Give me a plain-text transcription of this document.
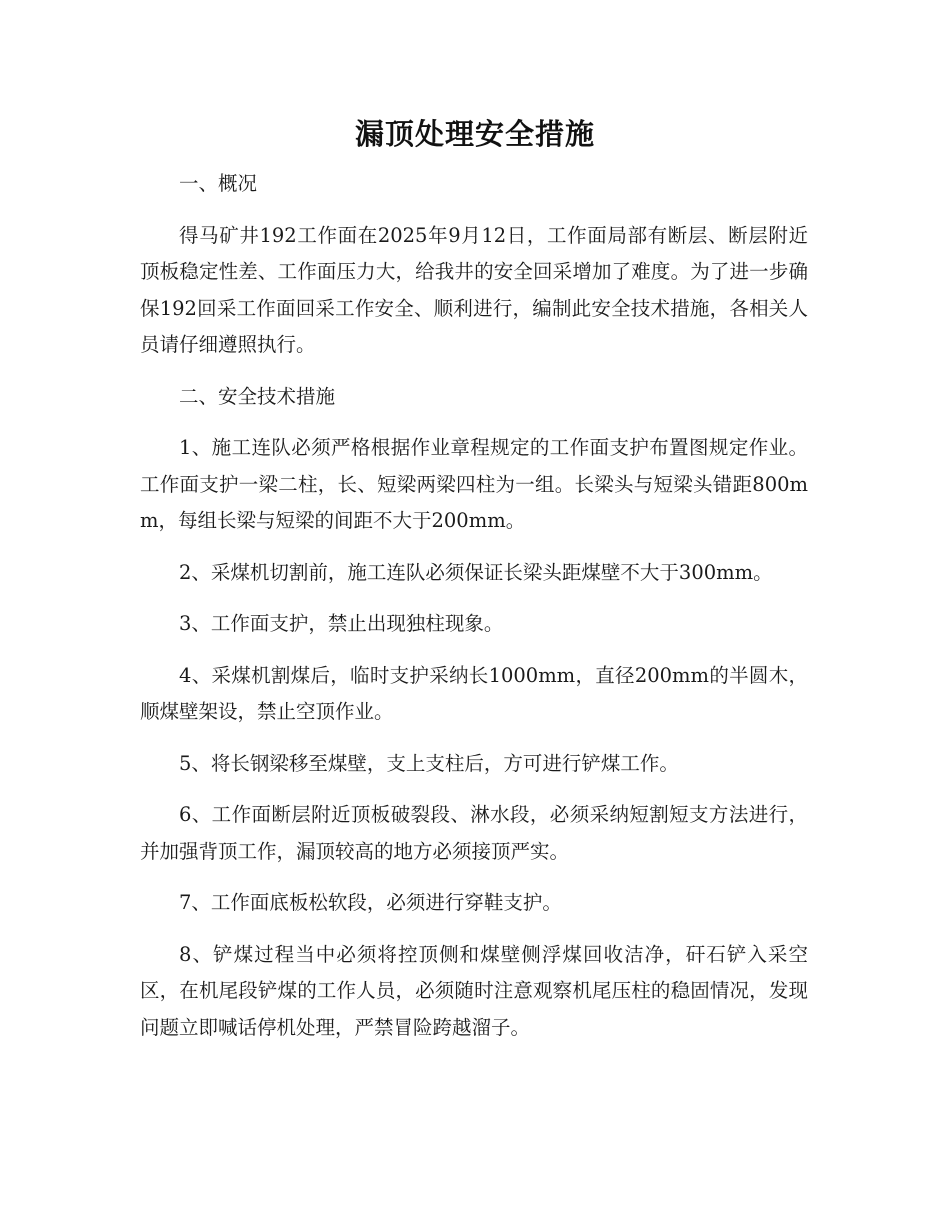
漏顶处理安全措施
一、概况
得马矿井192工作面在2025年9月12日，工作面局部有断层、断层附近顶板稳定性差、工作面压力大，给我井的安全回采增加了难度。为了进一步确保192回采工作面回采工作安全、顺利进行，编制此安全技术措施，各相关人员请仔细遵照执行。
二、安全技术措施
1、施工连队必须严格根据作业章程规定的工作面支护布置图规定作业。工作面支护一梁二柱，长、短梁两梁四柱为一组。长梁头与短梁头错距800mm，每组长梁与短梁的间距不大于200mm。
2、采煤机切割前，施工连队必须保证长梁头距煤壁不大于300mm。
3、工作面支护，禁止出现独柱现象。
4、采煤机割煤后，临时支护采纳长1000mm，直径200mm的半圆木，顺煤壁架设，禁止空顶作业。
5、将长钢梁移至煤壁，支上支柱后，方可进行铲煤工作。
6、工作面断层附近顶板破裂段、淋水段，必须采纳短割短支方法进行，并加强背顶工作，漏顶较高的地方必须接顶严实。
7、工作面底板松软段，必须进行穿鞋支护。
8、铲煤过程当中必须将控顶侧和煤壁侧浮煤回收洁净，矸石铲入采空区，在机尾段铲煤的工作人员，必须随时注意观察机尾压柱的稳固情况，发现问题立即喊话停机处理，严禁冒险跨越溜子。
